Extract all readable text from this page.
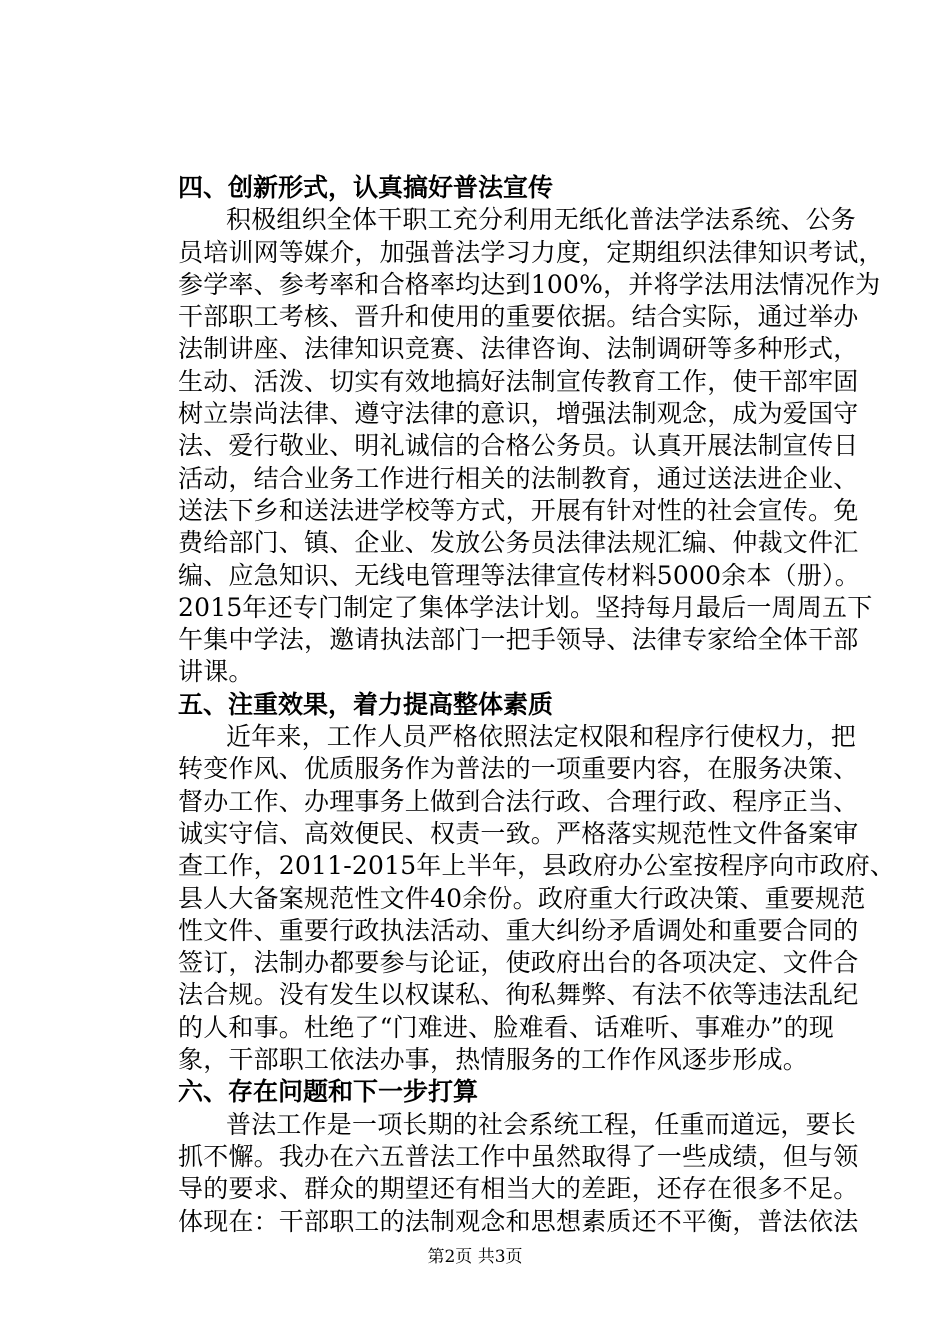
四、创新形式，认真搞好普法宣传
积极组织全体干职工充分利用无纸化普法学法系统、公务
员培训网等媒介，加强普法学习力度，定期组织法律知识考试，
参学率、参考率和合格率均达到100%，并将学法用法情况作为
干部职工考核、晋升和使用的重要依据。结合实际，通过举办
法制讲座、法律知识竞赛、法律咨询、法制调研等多种形式，
生动、活泼、切实有效地搞好法制宣传教育工作，使干部牢固
树立崇尚法律、遵守法律的意识，增强法制观念，成为爱国守
法、爱行敬业、明礼诚信的合格公务员。认真开展法制宣传日
活动，结合业务工作进行相关的法制教育，通过送法进企业、
送法下乡和送法进学校等方式，开展有针对性的社会宣传。免
费给部门、镇、企业、发放公务员法律法规汇编、仲裁文件汇
编、应急知识、无线电管理等法律宣传材料5000余本（册）。
2015年还专门制定了集体学法计划。坚持每月最后一周周五下
午集中学法，邀请执法部门一把手领导、法律专家给全体干部
讲课。
五、注重效果，着力提高整体素质
近年来，工作人员严格依照法定权限和程序行使权力，把
转变作风、优质服务作为普法的一项重要内容，在服务决策、
督办工作、办理事务上做到合法行政、合理行政、程序正当、
诚实守信、高效便民、权责一致。严格落实规范性文件备案审
查工作，2011-2015年上半年，县政府办公室按程序向市政府、
县人大备案规范性文件40余份。政府重大行政决策、重要规范
性文件、重要行政执法活动、重大纠纷矛盾调处和重要合同的
签订，法制办都要参与论证，使政府出台的各项决定、文件合
法合规。没有发生以权谋私、徇私舞弊、有法不依等违法乱纪
的人和事。杜绝了“门难进、脸难看、话难听、事难办”的现
象，干部职工依法办事，热情服务的工作作风逐步形成。
六、存在问题和下一步打算
普法工作是一项长期的社会系统工程，任重而道远，要长
抓不懈。我办在六五普法工作中虽然取得了一些成绩，但与领
导的要求、群众的期望还有相当大的差距，还存在很多不足。
体现在：干部职工的法制观念和思想素质还不平衡，普法依法
第2页 共3页
